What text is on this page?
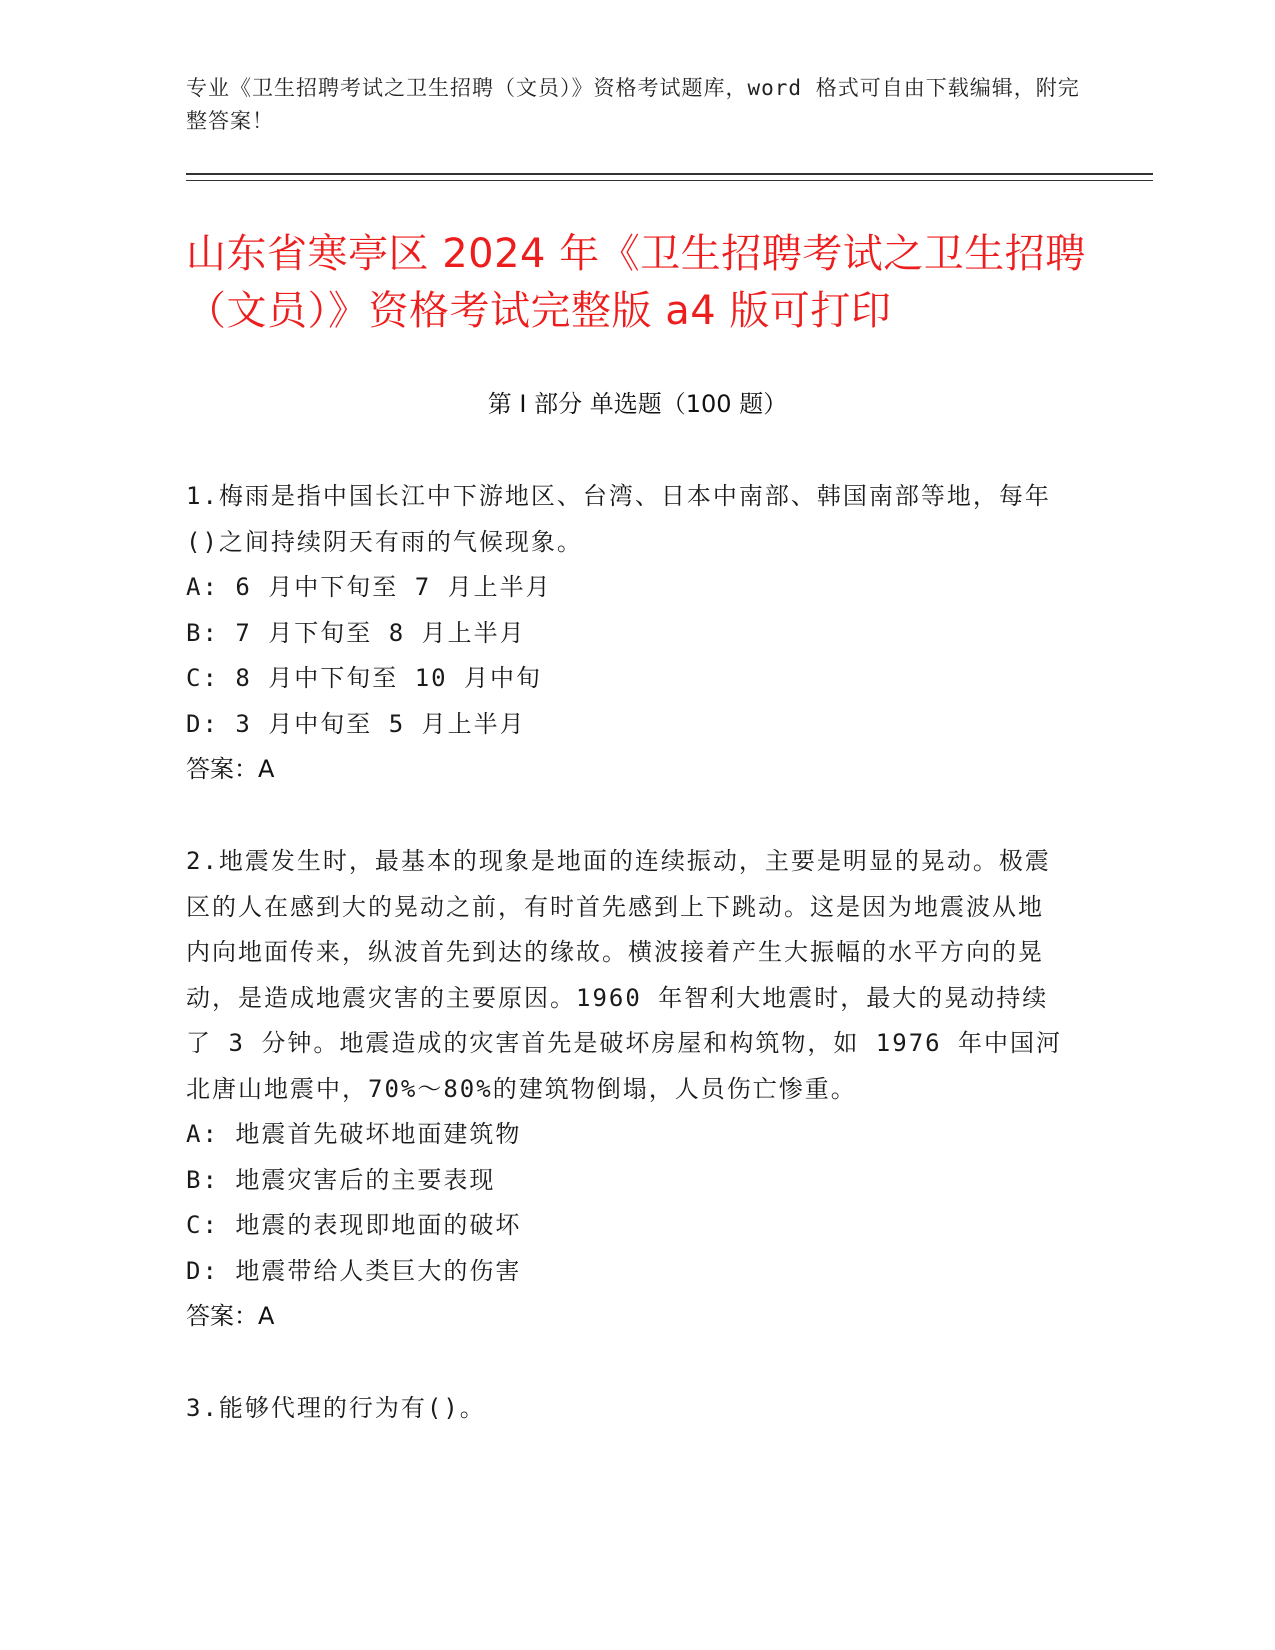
专业《卫生招聘考试之卫生招聘（文员）》资格考试题库，word 格式可自由下载编辑，附完整答案！
山东省寒亭区 2024 年《卫生招聘考试之卫生招聘（文员）》资格考试完整版 a4 版可打印
第 I 部分 单选题（100 题）
1.梅雨是指中国长江中下游地区、台湾、日本中南部、韩国南部等地，每年()之间持续阴天有雨的气候现象。
A: 6 月中下旬至 7 月上半月
B: 7 月下旬至 8 月上半月
C: 8 月中下旬至 10 月中旬
D: 3 月中旬至 5 月上半月
答案：A
2.地震发生时，最基本的现象是地面的连续振动，主要是明显的晃动。极震区的人在感到大的晃动之前，有时首先感到上下跳动。这是因为地震波从地内向地面传来，纵波首先到达的缘故。横波接着产生大振幅的水平方向的晃动，是造成地震灾害的主要原因。1960 年智利大地震时，最大的晃动持续了 3 分钟。地震造成的灾害首先是破坏房屋和构筑物，如 1976 年中国河北唐山地震中，70%～80%的建筑物倒塌，人员伤亡惨重。
A: 地震首先破坏地面建筑物
B: 地震灾害后的主要表现
C: 地震的表现即地面的破坏
D: 地震带给人类巨大的伤害
答案：A
3.能够代理的行为有()。
